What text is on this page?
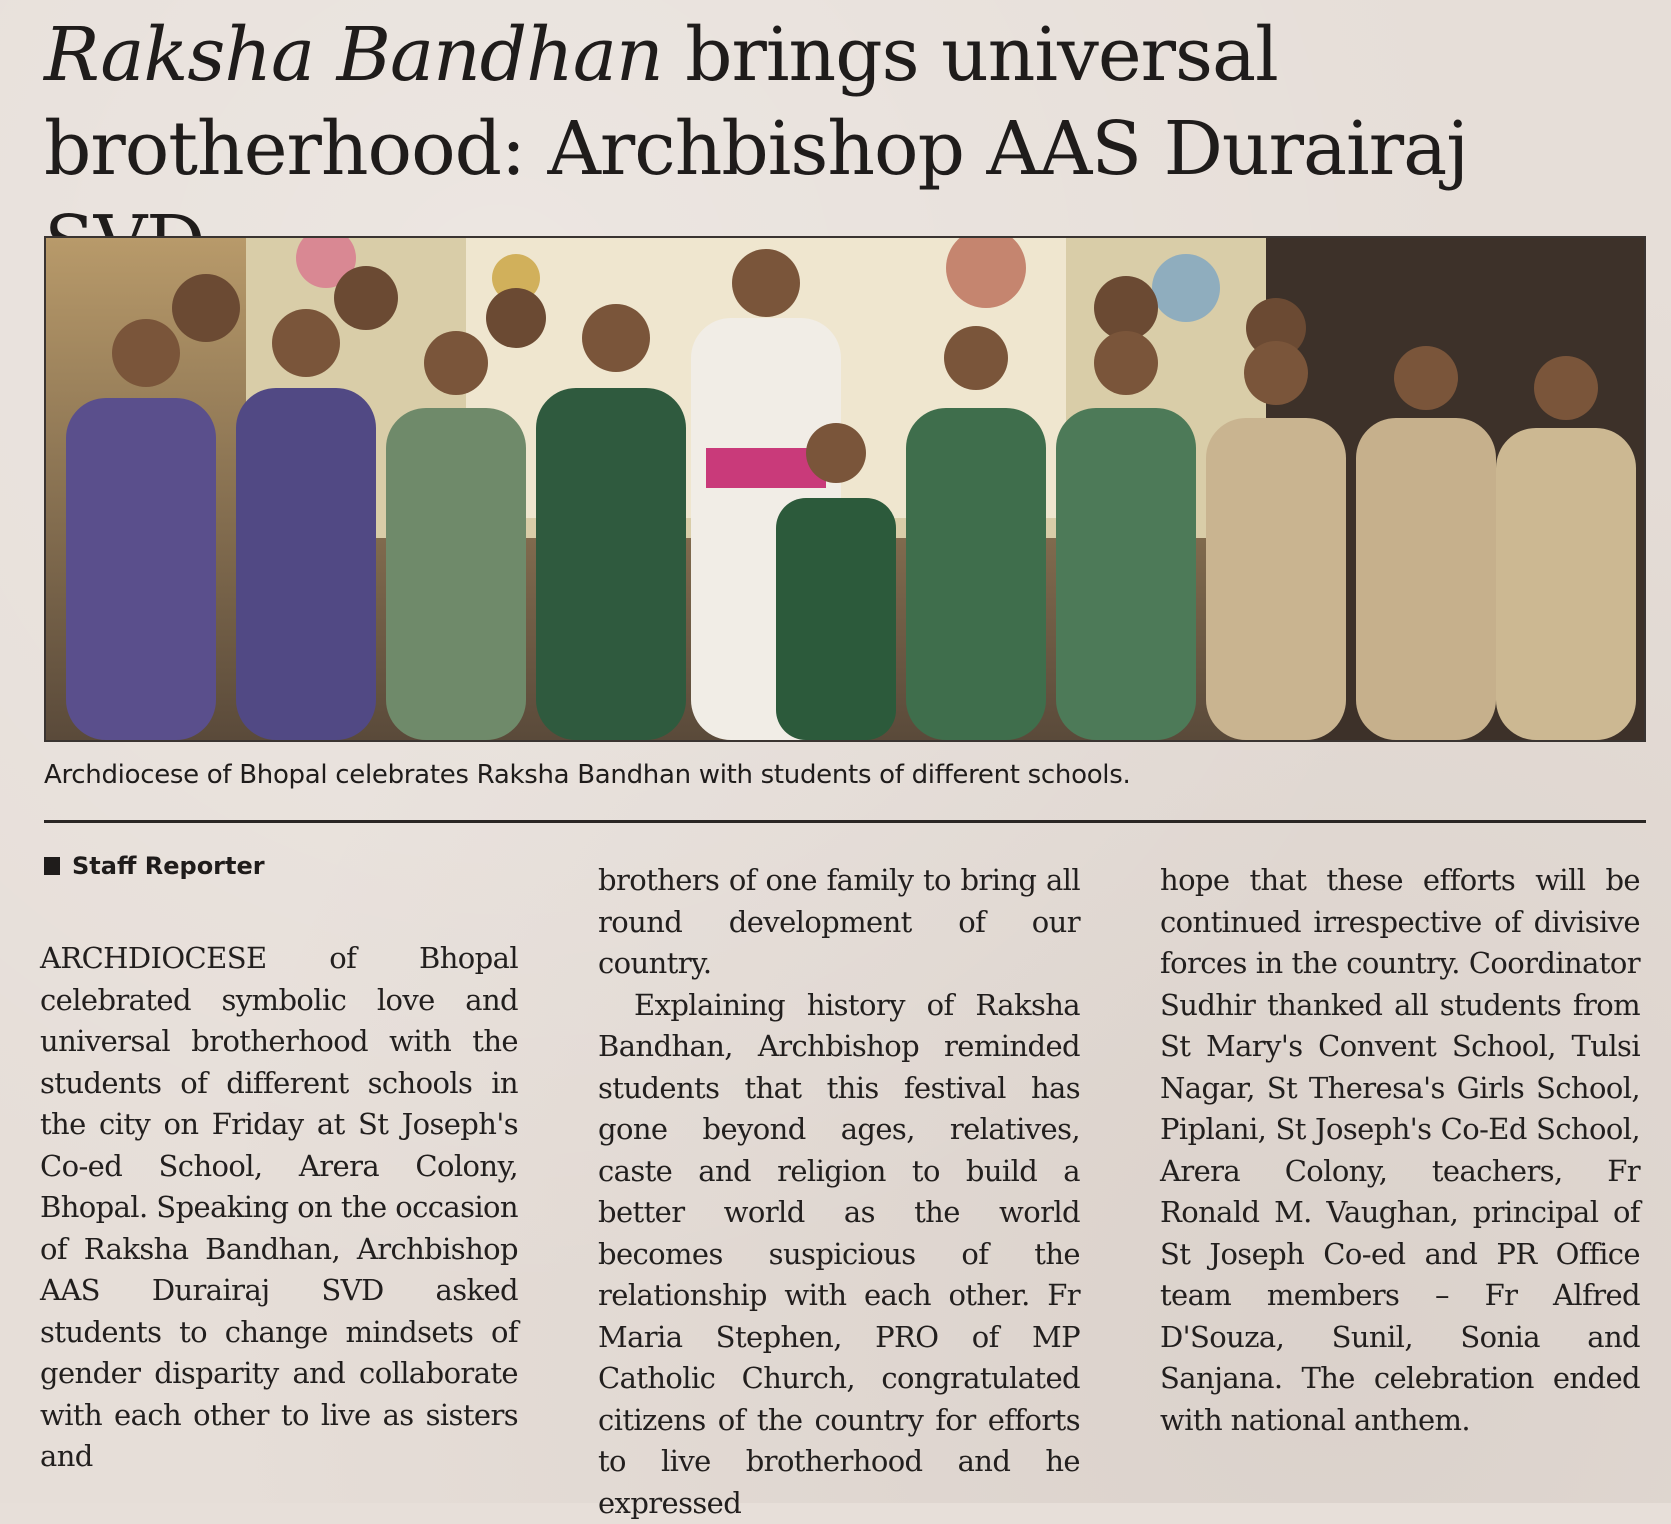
Raksha Bandhan brings universal
brotherhood: Archbishop AAS Durairaj
Archdiocese of Bhopal celebrates Raksha Bandhan with students of different schools.
Staff Reporter

ARCHDIOCESE of Bhopal celebrated symbolic love and universal brotherhood with the students of different schools in the city on Friday at St Joseph's Co-ed School, Arera Colony, Bhopal. Speaking on the occasion of Raksha Bandhan, Archbishop AAS Durairaj SVD asked students to change mindsets of gender disparity and collaborate with each other to live as sisters and

brothers of one family to bring all round development of our country.

Explaining history of Raksha Bandhan, Archbishop reminded students that this festival has gone beyond ages, relatives, caste and religion to build a better world as the world becomes suspicious of the relationship with each other. Fr Maria Stephen, PRO of MP Catholic Church, congratulated citizens of the country for efforts to live brotherhood and he expressed

hope that these efforts will be continued irrespective of divisive forces in the country. Coordinator Sudhir thanked all students from St Mary's Convent School, Tulsi Nagar, St Theresa's Girls School, Piplani, St Joseph's Co-Ed School, Arera Colony, teachers, Fr Ronald M. Vaughan, principal of St Joseph Co-ed and PR Office team members – Fr Alfred D'Souza, Sunil, Sonia and Sanjana. The celebration ended with national anthem.
